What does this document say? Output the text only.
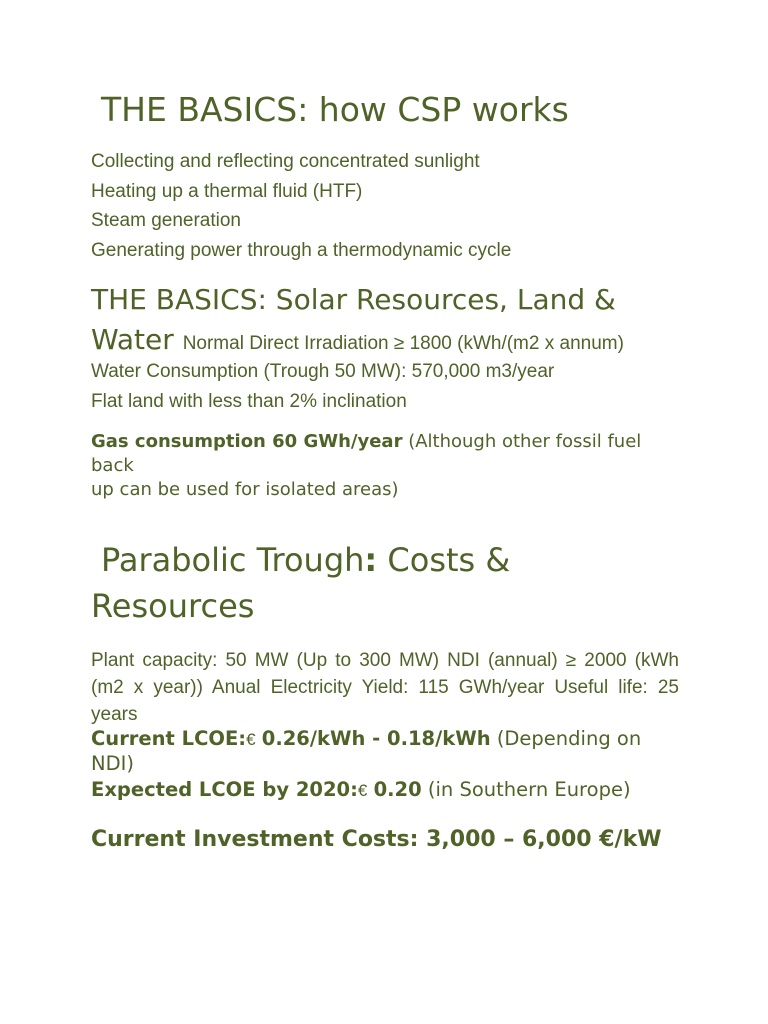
THE BASICS: how CSP works
Collecting and reflecting concentrated sunlight
Heating up a thermal fluid (HTF)
Steam generation
Generating power through a thermodynamic cycle
THE BASICS: Solar Resources, Land & Water Normal Direct Irradiation ≥ 1800 (kWh/(m2 x annum)
Water Consumption (Trough 50 MW): 570,000 m3/year
Flat land with less than 2% inclination
Gas consumption 60 GWh/year (Although other fossil fuel back
up can be used for isolated areas)
Parabolic Trough: Costs & Resources
Plant capacity: 50 MW (Up to 300 MW) NDI (annual) ≥ 2000 (kWh (m2 x year)) Anual Electricity Yield: 115 GWh/year Useful life: 25 years
Current LCOE:€ 0.26/kWh - 0.18/kWh (Depending on NDI)
Expected LCOE by 2020:€ 0.20 (in Southern Europe)
Current Investment Costs: 3,000 – 6,000 €/kW
